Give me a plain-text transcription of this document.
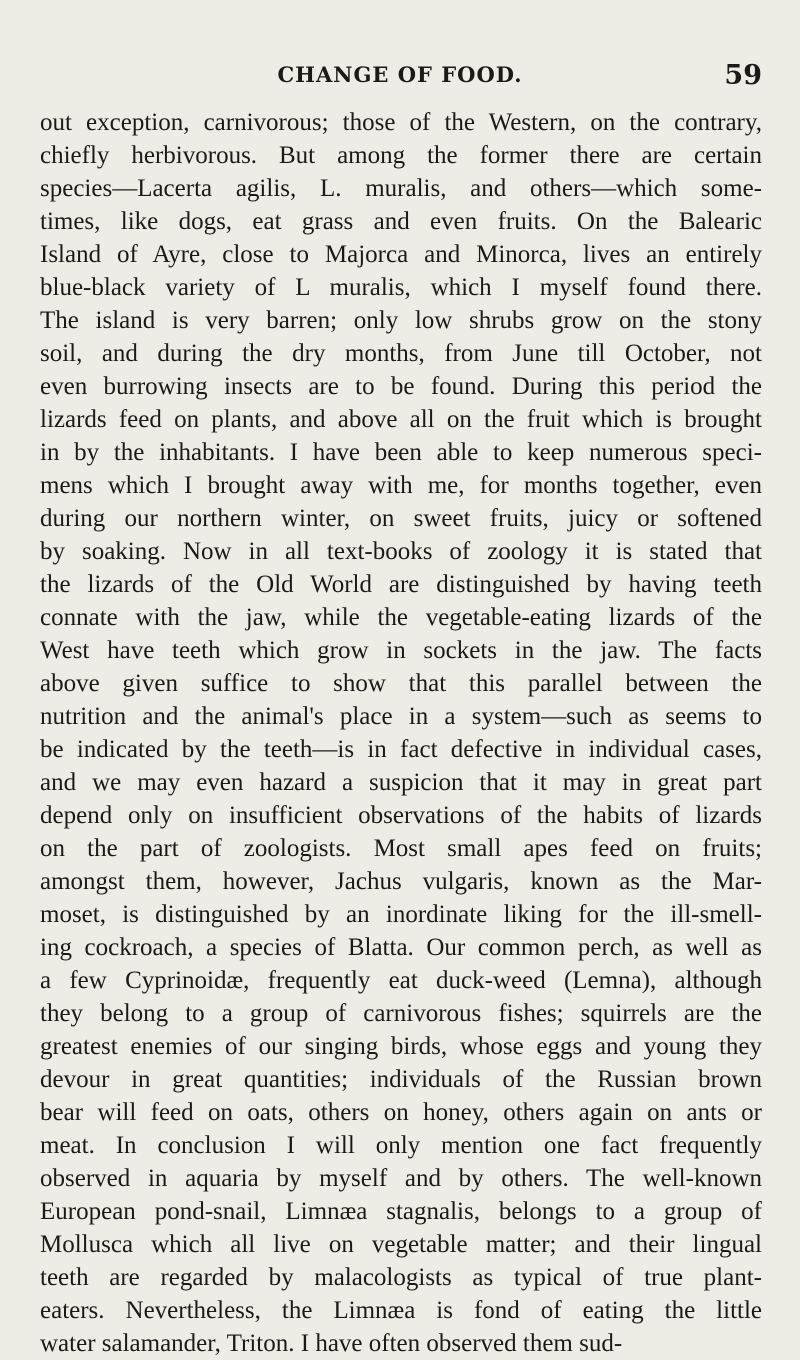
CHANGE OF FOOD.	59
out exception, carnivorous; those of the Western, on the contrary,
chiefly herbivorous. But among the former there are certain
species—Lacerta agilis, L. muralis, and others—which some-
times, like dogs, eat grass and even fruits. On the Balearic
Island of Ayre, close to Majorca and Minorca, lives an entirely
blue-black variety of L muralis, which I myself found there.
The island is very barren; only low shrubs grow on the stony
soil, and during the dry months, from June till October, not
even burrowing insects are to be found. During this period the
lizards feed on plants, and above all on the fruit which is brought
in by the inhabitants. I have been able to keep numerous speci-
mens which I brought away with me, for months together, even
during our northern winter, on sweet fruits, juicy or softened
by soaking. Now in all text-books of zoology it is stated that
the lizards of the Old World are distinguished by having teeth
connate with the jaw, while the vegetable-eating lizards of the
West have teeth which grow in sockets in the jaw. The facts
above given suffice to show that this parallel between the
nutrition and the animal's place in a system—such as seems to
be indicated by the teeth—is in fact defective in individual cases,
and we may even hazard a suspicion that it may in great part
depend only on insufficient observations of the habits of lizards
on the part of zoologists. Most small apes feed on fruits;
amongst them, however, Jachus vulgaris, known as the Mar-
moset, is distinguished by an inordinate liking for the ill-smell-
ing cockroach, a species of Blatta. Our common perch, as well as
a few Cyprinoidæ, frequently eat duck-weed (Lemna), although
they belong to a group of carnivorous fishes; squirrels are the
greatest enemies of our singing birds, whose eggs and young they
devour in great quantities; individuals of the Russian brown
bear will feed on oats, others on honey, others again on ants or
meat. In conclusion I will only mention one fact frequently
observed in aquaria by myself and by others. The well-known
European pond-snail, Limnæa stagnalis, belongs to a group of
Mollusca which all live on vegetable matter; and their lingual
teeth are regarded by malacologists as typical of true plant-
eaters. Nevertheless, the Limnæa is fond of eating the little
water salamander, Triton. I have often observed them sud-
